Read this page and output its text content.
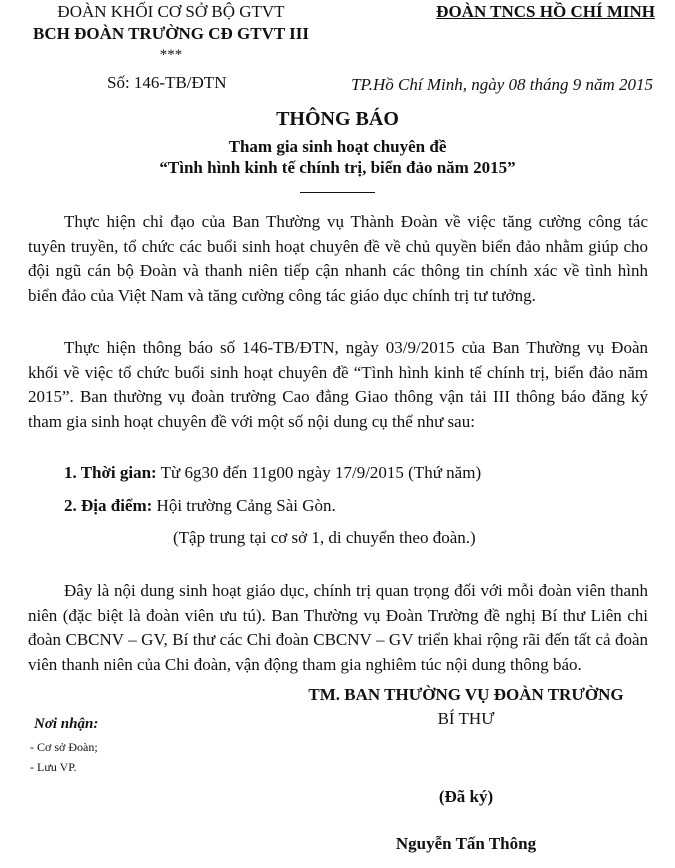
ĐOÀN KHỐI CƠ SỞ BỘ GTVT
BCH ĐOÀN TRƯỜNG CĐ GTVT III
***
ĐOÀN TNCS HỒ CHÍ MINH
Số: 146-TB/ĐTN	TP.Hồ Chí Minh, ngày 08 tháng 9 năm 2015
THÔNG BÁO
Tham gia sinh hoạt chuyên đề
“Tình hình kinh tế chính trị, biển đảo năm 2015”
Thực hiện chỉ đạo của Ban Thường vụ Thành Đoàn về việc tăng cường công tác tuyên truyền, tổ chức các buổi sinh hoạt chuyên đề về chủ quyền biển đảo nhằm giúp cho đội ngũ cán bộ Đoàn và thanh niên tiếp cận nhanh các thông tin chính xác về tình hình biển đảo của Việt Nam và tăng cường công tác giáo dục chính trị tư tưởng.
Thực hiện thông báo số 146-TB/ĐTN, ngày 03/9/2015 của Ban Thường vụ Đoàn khối về việc tổ chức buổi sinh hoạt chuyên đề “Tình hình kinh tế chính trị, biển đảo năm 2015”. Ban thường vụ đoàn trường Cao đẳng Giao thông vận tải III thông báo đăng ký tham gia sinh hoạt chuyên đề với một số nội dung cụ thể như sau:
1. Thời gian: Từ 6g30 đến 11g00 ngày 17/9/2015 (Thứ năm)
2. Địa điểm: Hội trường Cảng Sài Gòn.
(Tập trung tại cơ sở 1, di chuyển theo đoàn.)
Đây là nội dung sinh hoạt giáo dục, chính trị quan trọng đối với mỗi đoàn viên thanh niên (đặc biệt là đoàn viên ưu tú). Ban Thường vụ Đoàn Trường đề nghị Bí thư Liên chi đoàn CBCNV – GV, Bí thư các Chi đoàn CBCNV – GV triển khai rộng rãi đến tất cả đoàn viên thanh niên của Chi đoàn, vận động tham gia nghiêm túc nội dung thông báo.
TM. BAN THƯỜNG VỤ ĐOÀN TRƯỜNG
BÍ THƯ
(Đã ký)
Nguyễn Tấn Thông
Nơi nhận:
- Cơ sở Đoàn;
- Lưu VP.
